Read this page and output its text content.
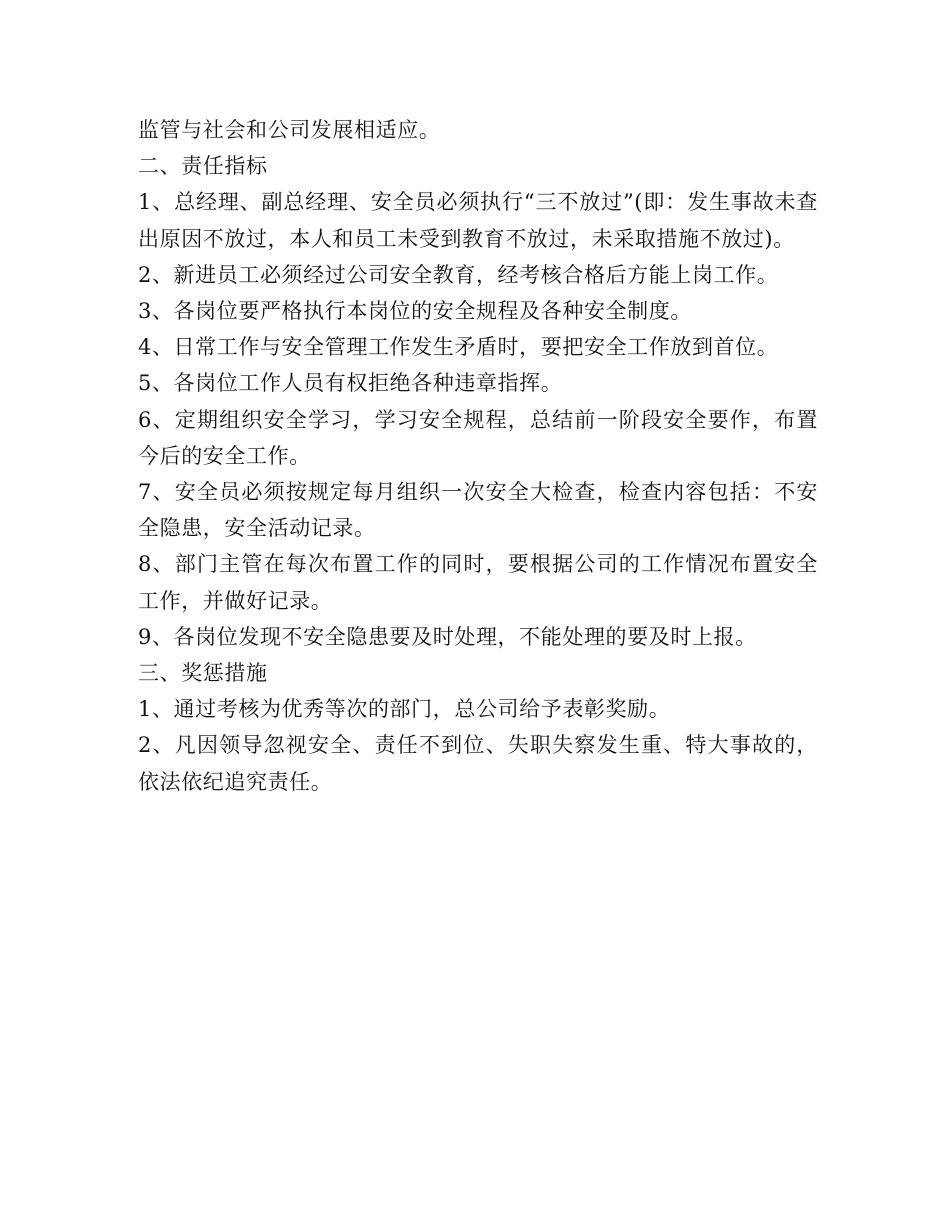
监管与社会和公司发展相适应。

二、责任指标

1、总经理、副总经理、安全员必须执行“三不放过”(即：发生事故未查出原因不放过，本人和员工未受到教育不放过，未采取措施不放过)。

2、新进员工必须经过公司安全教育，经考核合格后方能上岗工作。

3、各岗位要严格执行本岗位的安全规程及各种安全制度。

4、日常工作与安全管理工作发生矛盾时，要把安全工作放到首位。

5、各岗位工作人员有权拒绝各种违章指挥。

6、定期组织安全学习，学习安全规程，总结前一阶段安全要作，布置今后的安全工作。

7、安全员必须按规定每月组织一次安全大检查，检查内容包括：不安全隐患，安全活动记录。

8、部门主管在每次布置工作的同时，要根据公司的工作情况布置安全工作，并做好记录。

9、各岗位发现不安全隐患要及时处理，不能处理的要及时上报。

三、奖惩措施

1、通过考核为优秀等次的部门，总公司给予表彰奖励。

2、凡因领导忽视安全、责任不到位、失职失察发生重、特大事故的，依法依纪追究责任。
